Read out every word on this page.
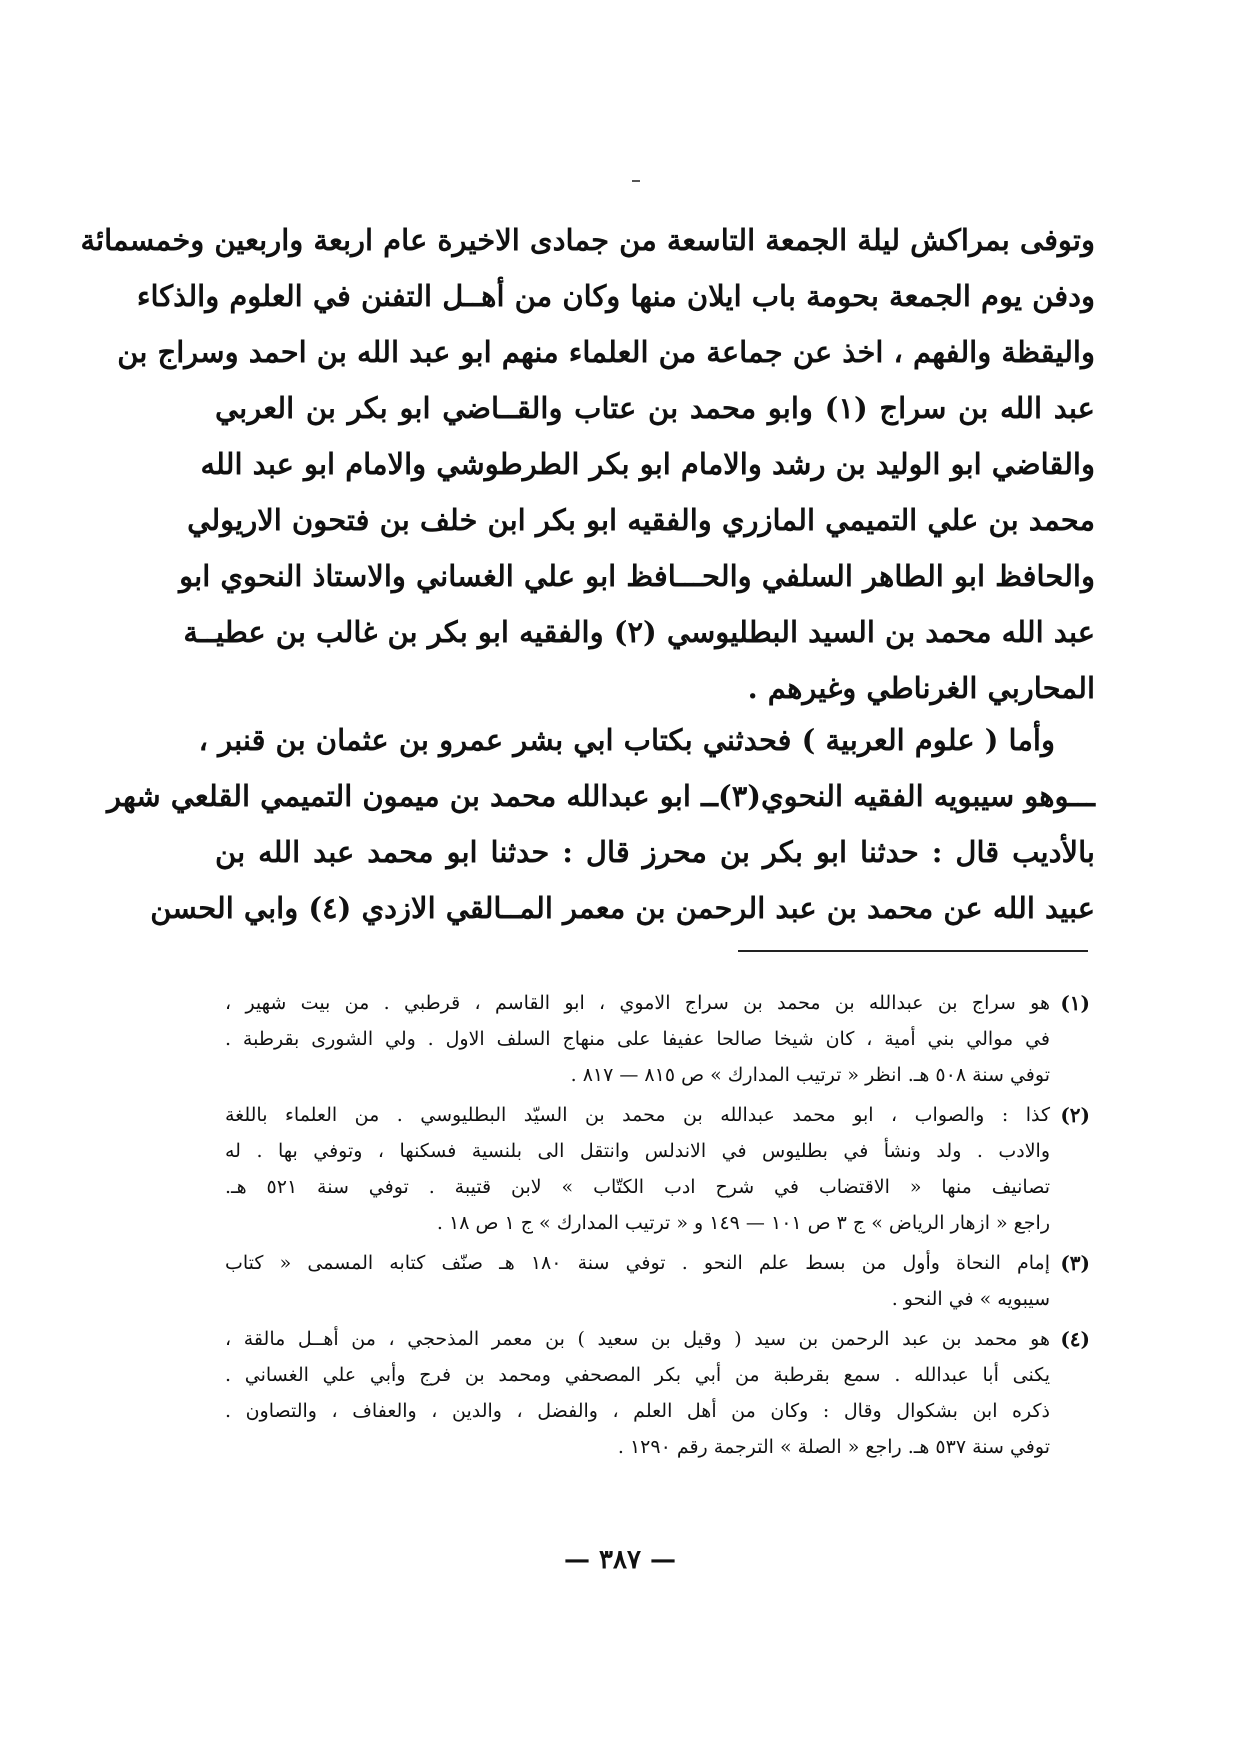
وتوفى بمراكش ليلة الجمعة التاسعة من جمادى الاخيرة عام اربعة واربعين وخمسمائة
ودفن يوم الجمعة بحومة باب ايلان منها وكان من أهــل التفنن في العلوم والذكاء
واليقظة والفهم ، اخذ عن جماعة من العلماء منهم ابو عبد الله بن احمد وسراج بن
عبد الله بن سراج (١) وابو محمد بن عتاب والقــاضي ابو بكر بن العربي
والقاضي ابو الوليد بن رشد والامام ابو بكر الطرطوشي والامام ابو عبد الله
محمد بن علي التميمي المازري والفقيه ابو بكر ابن خلف بن فتحون الاريولي
والحافظ ابو الطاهر السلفي والحـــافظ ابو علي الغساني والاستاذ النحوي ابو
عبد الله محمد بن السيد البطليوسي (٢) والفقيه ابو بكر بن غالب بن عطيــة
المحاربي الغرناطي وغيرهم .
وأما ( علوم العربية ) فحدثني بكتاب ابي بشر عمرو بن عثمان بن قنبر ،
ـــوهو سيبويه الفقيه النحوي(٣)ــ ابو عبدالله محمد بن ميمون التميمي القلعي شهر
بالأديب قال : حدثنا ابو بكر بن محرز قال : حدثنا ابو محمد عبد الله بن
عبيد الله عن محمد بن عبد الرحمن بن معمر المــالقي الازدي (٤) وابي الحسن
(١)
هو سراج بن عبدالله بن محمد بن سراج الاموي ، ابو القاسم ، قرطبي . من بيت شهير ،
في موالي بني أمية ، كان شيخا صالحا عفيفا على منهاج السلف الاول . ولي الشورى بقرطبة .
توفي سنة ٥٠٨ هـ. انظر « ترتيب المدارك » ص ٨١٥ — ٨١٧ .
(٢)
كذا : والصواب ، ابو محمد عبدالله بن محمد بن السيّد البطليوسي . من العلماء باللغة
والادب . ولد ونشأ في بطليوس في الاندلس وانتقل الى بلنسية فسكنها ، وتوفي بها . له
تصانيف منها « الاقتضاب في شرح ادب الكتّاب » لابن قتيبة . توفي سنة ٥٢١ هـ.
راجع « ازهار الرياض » ج ٣ ص ١٠١ — ١٤٩ و « ترتيب المدارك » ج ١ ص ١٨ .
(٣)
إمام النحاة وأول من بسط علم النحو . توفي سنة ١٨٠ هـ صنّف كتابه المسمى « كتاب
سيبويه » في النحو .
(٤)
هو محمد بن عبد الرحمن بن سيد ( وقيل بن سعيد ) بن معمر المذحجي ، من أهــل مالقة ،
يكنى أبا عبدالله . سمع بقرطبة من أبي بكر المصحفي ومحمد بن فرج وأبي علي الغساني .
ذكره ابن بشكوال وقال : وكان من أهل العلم ، والفضل ، والدين ، والعفاف ، والتصاون .
توفي سنة ٥٣٧ هـ. راجع « الصلة » الترجمة رقم ١٢٩٠ .
— ٣٨٧ —
